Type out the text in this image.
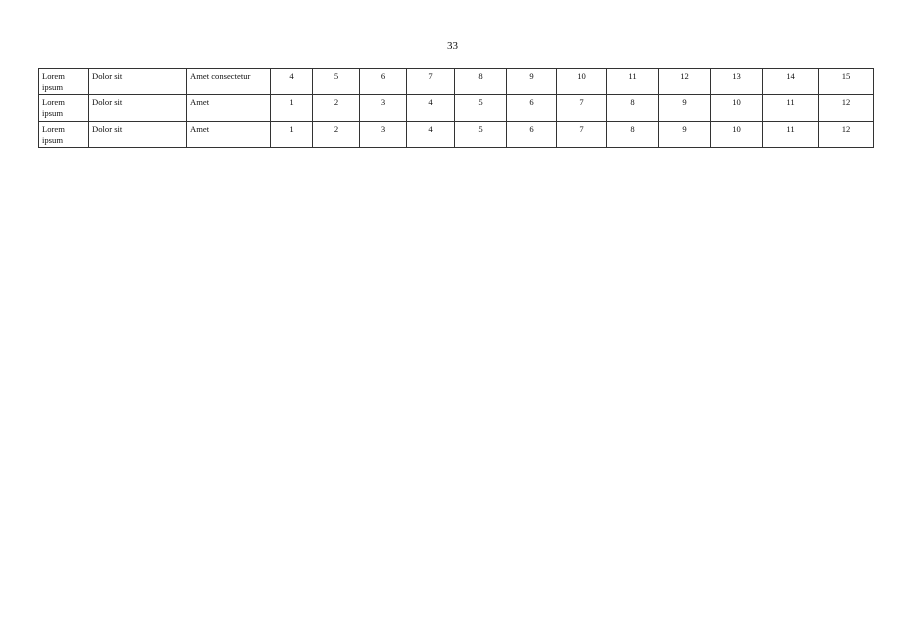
33
Lorem ipsum	Dolor sit	Amet consectetur	4	5	6	7	8	9	10	11	12	13	14	15
Lorem ipsum	Dolor sit	Amet	1	2	3	4	5	6	7	8	9	10	11	12
Lorem ipsum	Dolor sit	Amet	1	2	3	4	5	6	7	8	9	10	11	12
